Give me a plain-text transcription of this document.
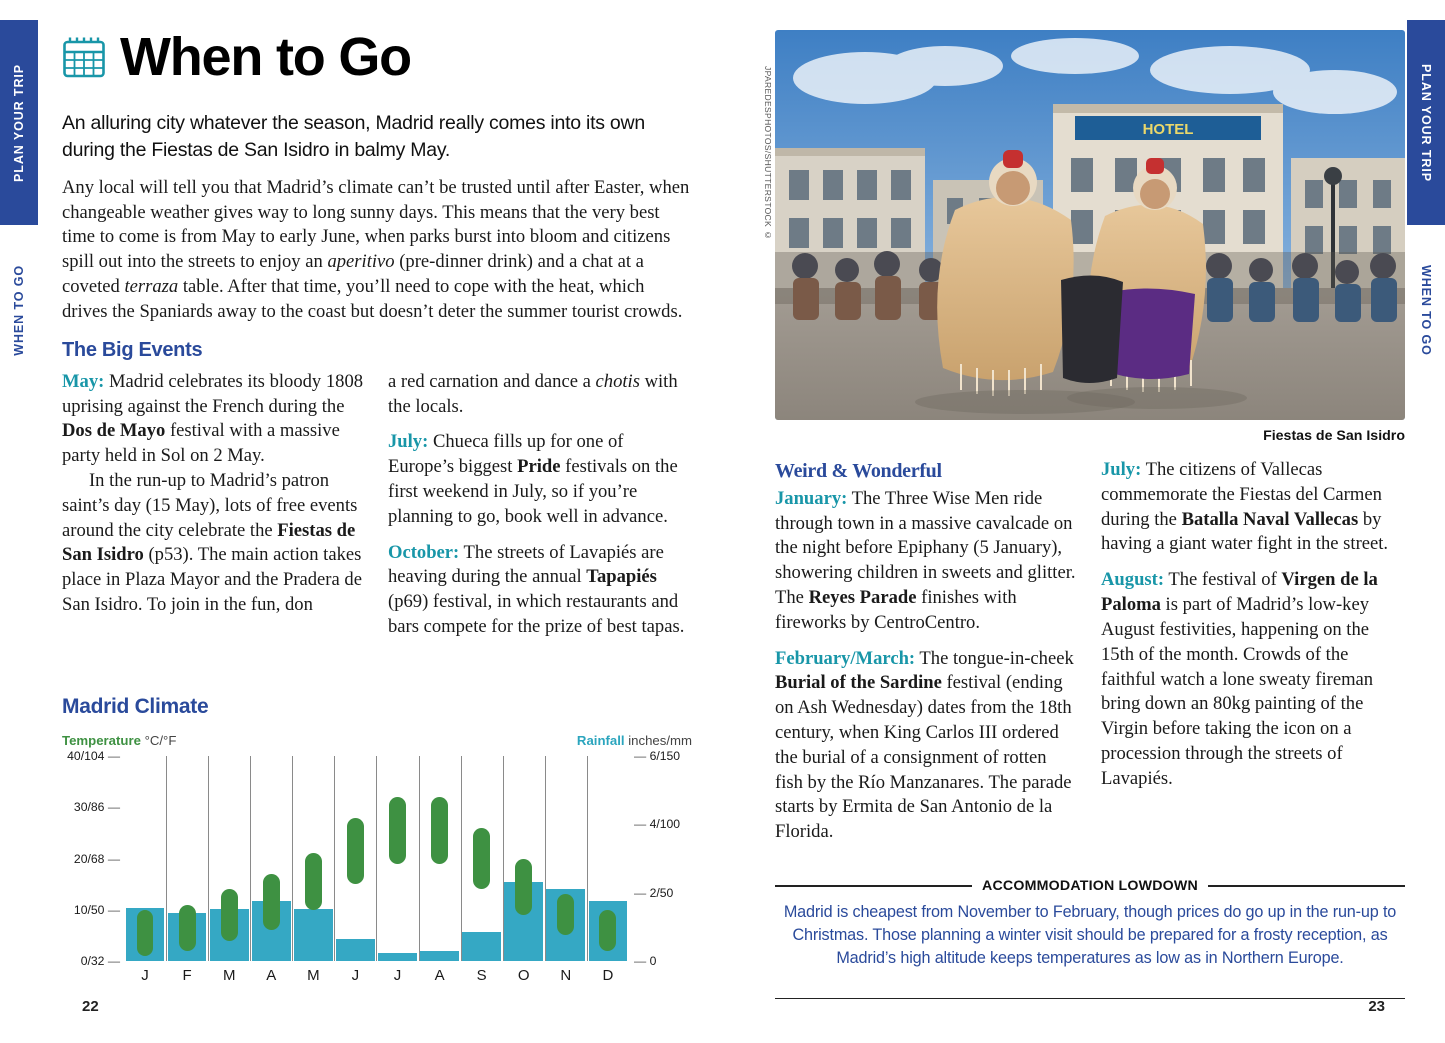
PLAN YOUR TRIP
WHEN TO GO
PLAN YOUR TRIP
WHEN TO GO
When to Go
An alluring city whatever the season, Madrid really comes into its own during the Fiestas de San Isidro in balmy May.

Any local will tell you that Madrid’s climate can’t be trusted until after Easter, when changeable weather gives way to long sunny days. This means that the very best time to come is from May to early June, when parks burst into bloom and citizens spill out into the streets to enjoy an aperitivo (pre-dinner drink) and a chat at a coveted terraza table. After that time, you’ll need to cope with the heat, which drives the Spaniards away to the coast but doesn’t deter the summer tourist crowds.

The Big Events

May: Madrid celebrates its bloody 1808 uprising against the French during the Dos de Mayo festival with a massive party held in Sol on 2 May.

In the run-up to Madrid’s patron saint’s day (15 May), lots of free events around the city celebrate the Fiestas de San Isidro (p53). The main action takes place in Plaza Mayor and the Pradera de San Isidro. To join in the fun, don

a red carnation and dance a chotis with the locals.

July: Chueca fills up for one of Europe’s biggest Pride festivals on the first weekend in July, so if you’re planning to go, book well in advance.

October: The streets of Lavapiés are heaving during the annual Tapapiés (p69) festival, in which restaurants and bars compete for the prize of best tapas.

Madrid Climate
Temperature °C/°F	Rainfall inches/mm
40/104 —
30/86 —
20/68 —
10/50 —
0/32 —
— 6/150
— 4/100
— 2/50
— 0
J	F	M	A	M	J	J	A	S	O	N	D
22
HOTEL
JPAREDESPHOTOS/SHUTTERSTOCK ©
Fiestas de San Isidro
Weird & Wonderful

January: The Three Wise Men ride through town in a massive cavalcade on the night before Epiphany (5 January), showering children in sweets and glitter. The Reyes Parade finishes with fireworks by CentroCentro.

February/March: The tongue-in-cheek Burial of the Sardine festival (ending on Ash Wednesday) dates from the 18th century, when King Carlos III ordered the burial of a consignment of rotten fish by the Río Manzanares. The parade starts by Ermita de San Antonio de la Florida.

July: The citizens of Vallecas commemorate the Fiestas del Carmen during the Batalla Naval Vallecas by having a giant water fight in the street.

August: The festival of Virgen de la Paloma is part of Madrid’s low-key August festivities, happening on the 15th of the month. Crowds of the faithful watch a lone sweaty fireman bring down an 80kg painting of the Virgin before taking the icon on a procession through the streets of Lavapiés.

ACCOMMODATION LOWDOWN
Madrid is cheapest from November to February, though prices do go up in the run-up to Christmas. Those planning a winter visit should be prepared for a frosty reception, as Madrid’s high altitude keeps temperatures as low as in Northern Europe.
23
